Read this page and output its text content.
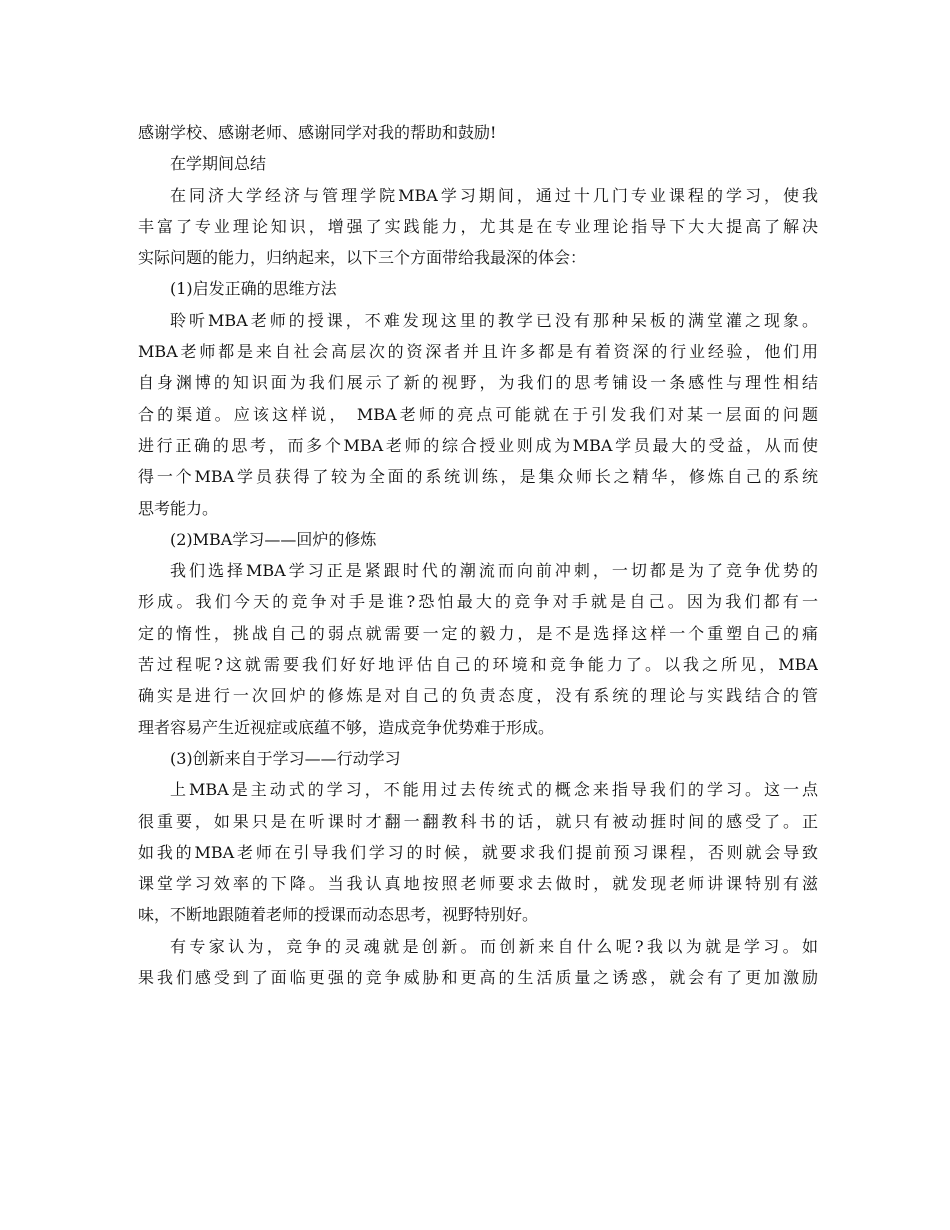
感谢学校、感谢老师、感谢同学对我的帮助和鼓励!
在学期间总结
在同济大学经济与管理学院MBA学习期间，通过十几门专业课程的学习，使我
丰富了专业理论知识，增强了实践能力，尤其是在专业理论指导下大大提高了解决
实际问题的能力，归纳起来，以下三个方面带给我最深的体会：
(1)启发正确的思维方法
聆听MBA老师的授课，不难发现这里的教学已没有那种呆板的满堂灌之现象。
MBA老师都是来自社会高层次的资深者并且许多都是有着资深的行业经验，他们用
自身渊博的知识面为我们展示了新的视野，为我们的思考铺设一条感性与理性相结
合的渠道。应该这样说， MBA老师的亮点可能就在于引发我们对某一层面的问题
进行正确的思考，而多个MBA老师的综合授业则成为MBA学员最大的受益，从而使
得一个MBA学员获得了较为全面的系统训练，是集众师长之精华，修炼自己的系统
思考能力。
(2)MBA学习——回炉的修炼
我们选择MBA学习正是紧跟时代的潮流而向前冲刺，一切都是为了竞争优势的
形成。我们今天的竞争对手是谁?恐怕最大的竞争对手就是自己。因为我们都有一
定的惰性，挑战自己的弱点就需要一定的毅力，是不是选择这样一个重塑自己的痛
苦过程呢?这就需要我们好好地评估自己的环境和竞争能力了。以我之所见，MBA
确实是进行一次回炉的修炼是对自己的负责态度，没有系统的理论与实践结合的管
理者容易产生近视症或底蕴不够，造成竞争优势难于形成。
(3)创新来自于学习——行动学习
上MBA是主动式的学习，不能用过去传统式的概念来指导我们的学习。这一点
很重要，如果只是在听课时才翻一翻教科书的话，就只有被动捱时间的感受了。正
如我的MBA老师在引导我们学习的时候，就要求我们提前预习课程，否则就会导致
课堂学习效率的下降。当我认真地按照老师要求去做时，就发现老师讲课特别有滋
味，不断地跟随着老师的授课而动态思考，视野特别好。
有专家认为，竞争的灵魂就是创新。而创新来自什么呢?我以为就是学习。如
果我们感受到了面临更强的竞争威胁和更高的生活质量之诱惑，就会有了更加激励
